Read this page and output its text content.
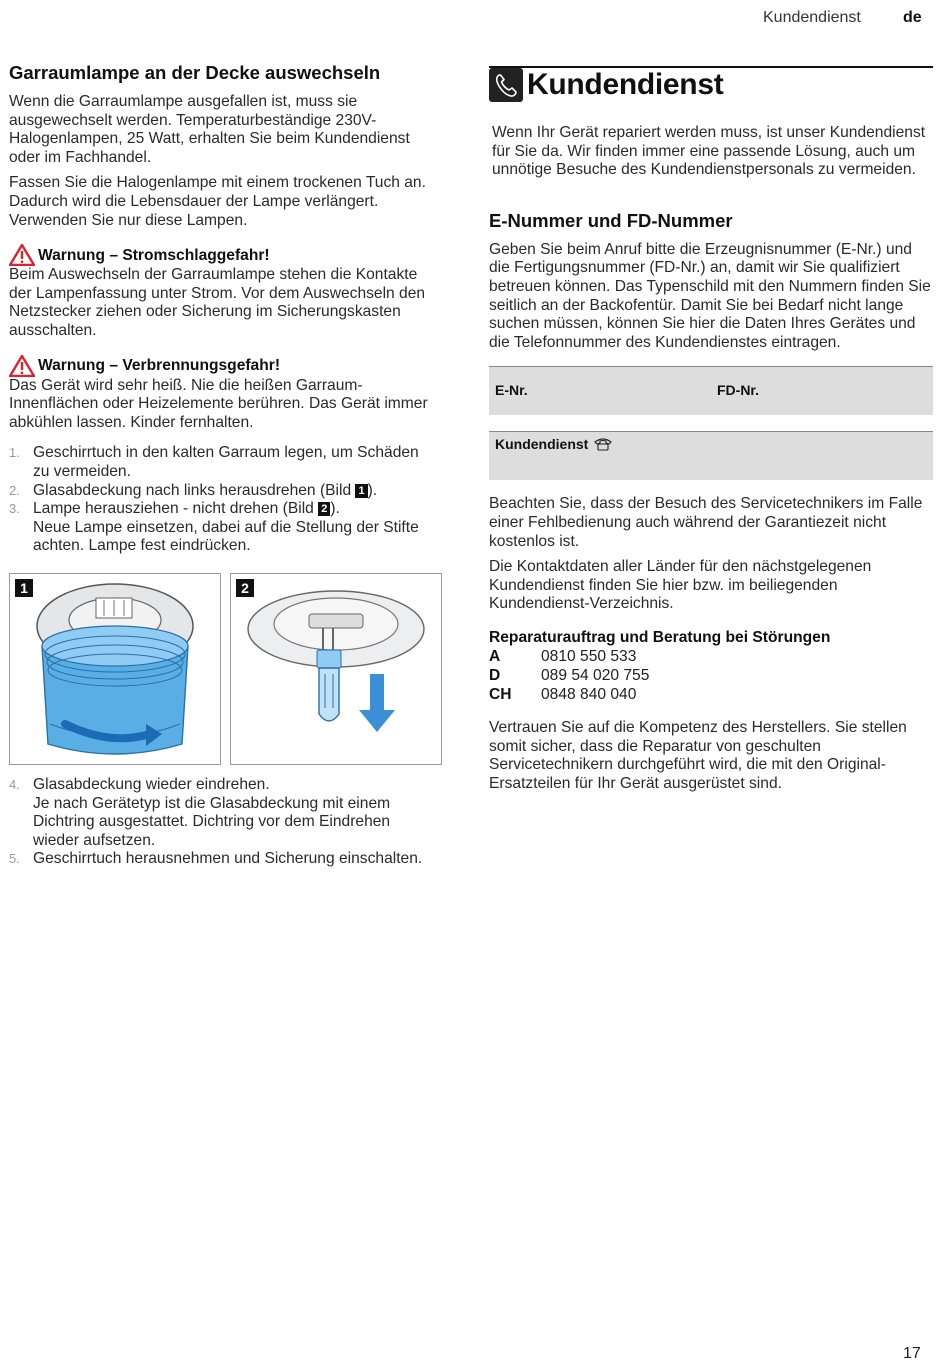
Kundendienst	de
Garraumlampe an der Decke auswechseln

Wenn die Garraumlampe ausgefallen ist, muss sie ausgewechselt werden. Temperaturbeständige 230V-Halogenlampen, 25 Watt, erhalten Sie beim Kundendienst oder im Fachhandel.

Fassen Sie die Halogenlampe mit einem trockenen Tuch an. Dadurch wird die Lebensdauer der Lampe verlängert. Verwenden Sie nur diese Lampen.

Warnung – Stromschlaggefahr!

Beim Auswechseln der Garraumlampe stehen die Kontakte der Lampenfassung unter Strom. Vor dem Auswechseln den Netzstecker ziehen oder Sicherung im Sicherungskasten ausschalten.

Warnung – Verbrennungsgefahr!

Das Gerät wird sehr heiß. Nie die heißen Garraum-Innenflächen oder Heizelemente berühren. Das Gerät immer abkühlen lassen. Kinder fernhalten.

1. Geschirrtuch in den kalten Garraum legen, um Schäden zu vermeiden.
2. Glasabdeckung nach links herausdrehen (Bild 1 ).
3. Lampe herausziehen - nicht drehen (Bild 2 ).
Neue Lampe einsetzen, dabei auf die Stellung der Stifte achten. Lampe fest eindrücken.
1	2
4. Glasabdeckung wieder eindrehen.
Je nach Gerätetyp ist die Glasabdeckung mit einem Dichtring ausgestattet. Dichtring vor dem Eindrehen wieder aufsetzen.
5. Geschirrtuch herausnehmen und Sicherung einschalten.
Kundendienst

Wenn Ihr Gerät repariert werden muss, ist unser Kundendienst für Sie da. Wir finden immer eine passende Lösung, auch um unnötige Besuche des Kundendienstpersonals zu vermeiden.

E-Nummer und FD-Nummer

Geben Sie beim Anruf bitte die Erzeugnisnummer (E-Nr.) und die Fertigungsnummer (FD-Nr.) an, damit wir Sie qualifiziert betreuen können. Das Typenschild mit den Nummern finden Sie seitlich an der Backofentür. Damit Sie bei Bedarf nicht lange suchen müssen, können Sie hier die Daten Ihres Gerätes und die Telefonnummer des Kundendienstes eintragen.

E-Nr.	FD-Nr.
Kundendienst

Beachten Sie, dass der Besuch des Servicetechnikers im Falle einer Fehlbedienung auch während der Garantiezeit nicht kostenlos ist.

Die Kontaktdaten aller Länder für den nächstgelegenen Kundendienst finden Sie hier bzw. im beiliegenden Kundendienst-Verzeichnis.

Reparaturauftrag und Beratung bei Störungen
A	0810 550 533
D	089 54 020 755
CH	0848 840 040

Vertrauen Sie auf die Kompetenz des Herstellers. Sie stellen somit sicher, dass die Reparatur von geschulten Servicetechnikern durchgeführt wird, die mit den Original-Ersatzteilen für Ihr Gerät ausgerüstet sind.

17
